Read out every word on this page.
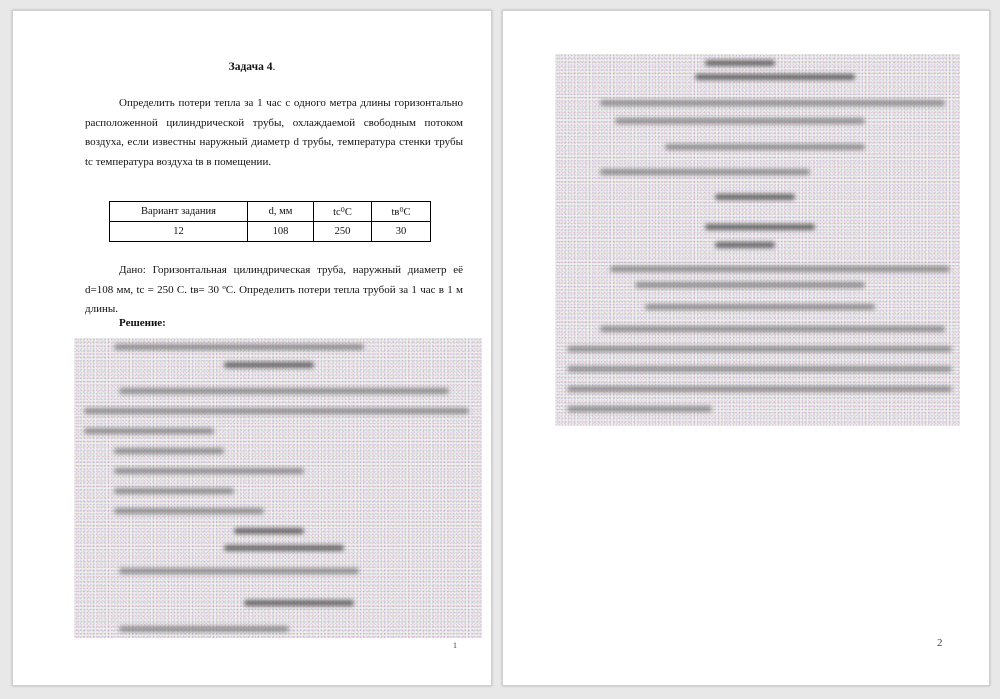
Задача 4.
Определить потери тепла за 1 час с одного метра длины горизонтально расположенной цилиндрической трубы, охлаждаемой свободным потоком воздуха, если известны наружный диаметр d трубы, температура стенки трубы tс температура воздуха tв в помещении.
Вариант задания	d, мм	tс⁰С	tв⁰С
12	108	250	30
Дано: Горизонтальная цилиндрическая труба, наружный диаметр её d=108 мм, tс = 250 С. tв= 30 ºС. Определить потери тепла трубой за 1 час в 1 м длины.
Решение:
1	2
